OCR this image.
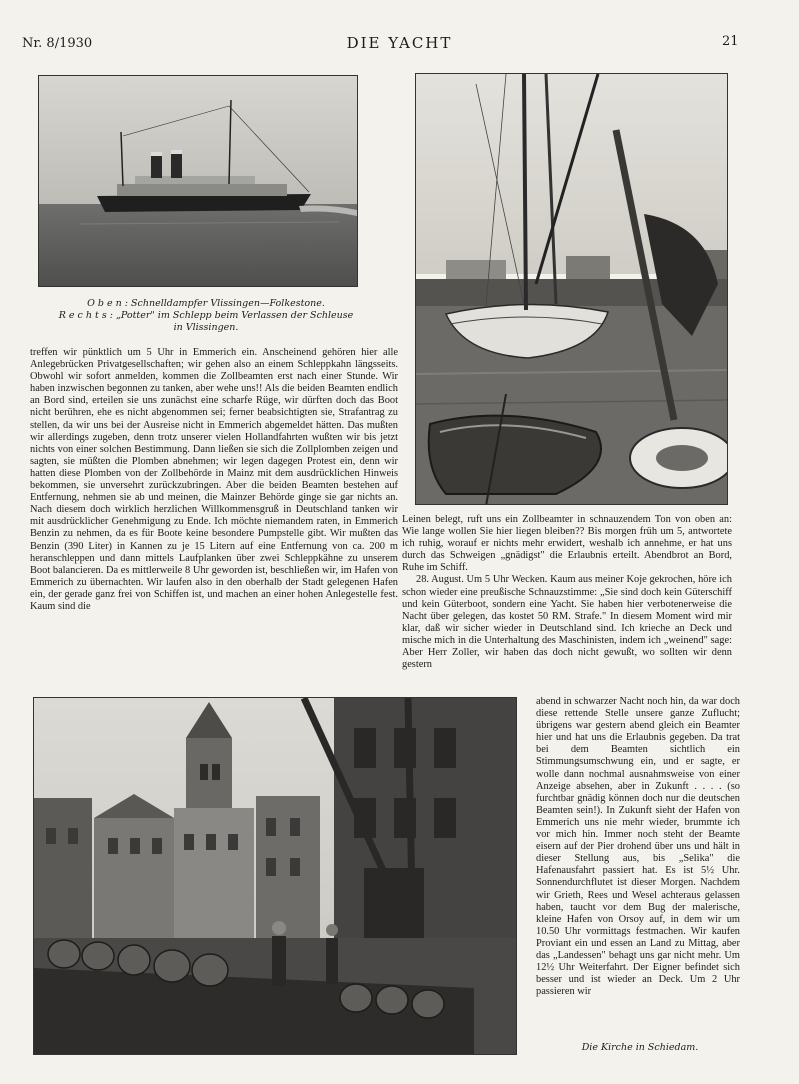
Nr. 8/1930	DIE YACHT	21
O b e n : Schnelldampfer Vlissingen—Folkestone.
R e c h t s : „Potter" im Schlepp beim Verlassen der Schleuse
in Vlissingen.

treffen wir pünktlich um 5 Uhr in Emmerich ein. Anscheinend gehören hier alle Anlegebrücken Privatgesellschaften; wir gehen also an einem Schleppkahn längsseits. Obwohl wir sofort anmelden, kommen die Zollbeamten erst nach einer Stunde. Wir haben inzwischen begonnen zu tanken, aber wehe uns!! Als die beiden Beamten endlich an Bord sind, erteilen sie uns zunächst eine scharfe Rüge, wir dürften doch das Boot nicht berühren, ehe es nicht abgenommen sei; ferner beabsichtigten sie, Strafantrag zu stellen, da wir uns bei der Ausreise nicht in Emmerich abgemeldet hätten. Das mußten wir allerdings zugeben, denn trotz unserer vielen Hollandfahrten wußten wir bis jetzt nichts von einer solchen Bestimmung. Dann ließen sie sich die Zollplomben zeigen und sagten, sie müßten die Plomben abnehmen; wir legen dagegen Protest ein, denn wir hatten diese Plomben von der Zollbehörde in Mainz mit dem ausdrücklichen Hinweis bekommen, sie unversehrt zurückzubringen. Aber die beiden Beamten bestehen auf Entfernung, nehmen sie ab und meinen, die Mainzer Behörde ginge sie gar nichts an. Nach diesem doch wirklich herzlichen Willkommensgruß in Deutschland tanken wir mit ausdrücklicher Genehmigung zu Ende. Ich möchte niemandem raten, in Emmerich Benzin zu nehmen, da es für Boote keine besondere Pumpstelle gibt. Wir mußten das Benzin (390 Liter) in Kannen zu je 15 Litern auf eine Entfernung von ca. 200 m heranschleppen und dann mittels Laufplanken über zwei Schleppkähne zu unserem Boot balancieren. Da es mittlerweile 8 Uhr geworden ist, beschließen wir, im Hafen von Emmerich zu übernachten. Wir laufen also in den oberhalb der Stadt gelegenen Hafen ein, der gerade ganz frei von Schiffen ist, und machen an einer hohen Anlegestelle fest. Kaum sind die

Leinen belegt, ruft uns ein Zollbeamter in schnauzendem Ton von oben an: Wie lange wollen Sie hier liegen bleiben?? Bis morgen früh um 5, antwortete ich ruhig, worauf er nichts mehr erwidert, weshalb ich annehme, er hat uns durch das Schweigen „gnädigst" die Erlaubnis erteilt. Abendbrot an Bord, Ruhe im Schiff.

28. August. Um 5 Uhr Wecken. Kaum aus meiner Koje gekrochen, höre ich schon wieder eine preußische Schnauzstimme: „Sie sind doch kein Güterschiff und kein Güterboot, sondern eine Yacht. Sie haben hier verbotenerweise die Nacht über gelegen, das kostet 50 RM. Strafe." In diesem Moment wird mir klar, daß wir sicher wieder in Deutschland sind. Ich krieche an Deck und mische mich in die Unterhaltung des Maschinisten, indem ich „weinend" sage: Aber Herr Zoller, wir haben das doch nicht gewußt, wo sollten wir denn gestern

abend in schwarzer Nacht noch hin, da war doch diese rettende Stelle unsere ganze Zuflucht; übrigens war gestern abend gleich ein Beamter hier und hat uns die Erlaubnis gegeben. Da trat bei dem Beamten sichtlich ein Stimmungsumschwung ein, und er sagte, er wolle dann nochmal ausnahmsweise von einer Anzeige absehen, aber in Zukunft . . . . (so furchtbar gnädig können doch nur die deutschen Beamten sein!). In Zukunft sieht der Hafen von Emmerich uns nie mehr wieder, brummte ich vor mich hin. Immer noch steht der Beamte eisern auf der Pier drohend über uns und hält in dieser Stellung aus, bis „Selika" die Hafenausfahrt passiert hat. Es ist 5½ Uhr. Sonnendurchflutet ist dieser Morgen. Nachdem wir Grieth, Rees und Wesel achteraus gelassen haben, taucht vor dem Bug der malerische, kleine Hafen von Orsoy auf, in dem wir um 10.50 Uhr vormittags festmachen. Wir kaufen Proviant ein und essen an Land zu Mittag, aber das „Landessen" behagt uns gar nicht mehr. Um 12½ Uhr Weiterfahrt. Der Eigner befindet sich besser und ist wieder an Deck. Um 2 Uhr passieren wir

Die Kirche in Schiedam.
